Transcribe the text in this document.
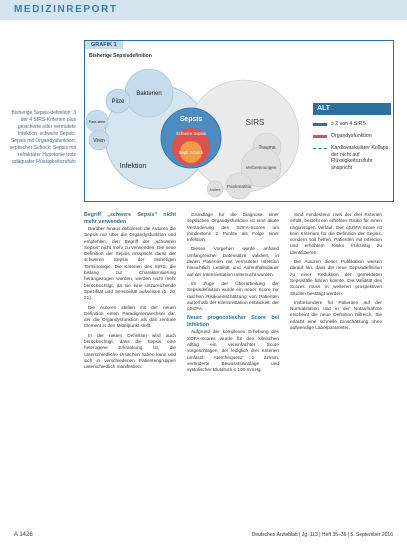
MEDIZINREPORT
Bisherige Sepsis-definition: 3 der 4 SIRS-Kriterien plus gesicherte oder vermutete Infektion; schwere Sepsis: Sepsis mit Organdysfunktion; septischer Schock: Sepsis mit refraktärer Hypotonie trotz adäquater Flüssigkeitszufuhr
Bakterien
Pilze
Para-siten
Viren
Infektion
Sepsis
Schwere Sepsis
Sept. Schock
SIRS
Trauma
Verbrennungen
Pankreatitis
Andere
GRAFIK 1
Bisherige Sepsisdefinition
ALT
≥ 2 von 4 SIRS
Organdysfunktion
Kardiovaskulärer Kollaps, der nicht auf Flüssigkeitszufuhr anspricht
Begriff „schwere Sepsis“ nicht mehr verwenden

Darüber hinaus definieren die Autoren die Sepsis nur über die Organdysfunktion und empfehlen, den Begriff der „schweren Sepsis“ nicht mehr zu verwenden. Die neue Definition der Sepsis entspricht damit der schweren Sepsis der bisherigen Terminologie. Die Kriterien des SIRS, die bislang zur Charakterisierung herangezogen wurden, werden nicht mehr berücksichtigt, da sie eine unzureichende Spezifität und Sensitivität aufweisen (5, 20, 21).

Die Autoren stellen mit der neuen Definition einen Paradigmenwechsel dar, der die Organdysfunktion als das zentrale Element in den Mittelpunkt stellt.

In der neuen Definition wird auch berücksichtigt, dass die Sepsis eine heterogene Erkrankung ist, die unterschiedliche Ursachen haben kann und sich in verschiedenen Patientengruppen unterschiedlich manifestiert.

Grundlage für die Diagnose einer septischen Organdysfunktion ist eine akute Veränderung des SOFA-Scores um mindestens 2 Punkte als Folge einer Infektion.

Dieses Vorgehen wurde anhand umfangreicher Datensätze validiert, in denen Patienten mit vermuteter Infektion hinsichtlich Letalität und Aufenthaltsdauer auf der Intensivstation untersucht wurden.

Im Zuge der Überarbeitung der Sepsisdefinition wurde ein neuer Score zur raschen Risikoeinschätzung von Patienten außerhalb der Intensivstation entwickelt: der qSOFA.

Neuer prognostischer Score bei Infektion

Aufgrund der komplexen Erhebung des SOFA-Scores wurde für den klinischen Alltag ein vereinfachter Score vorgeschlagen, der lediglich drei Kriterien umfasst: Atemfrequenz ≥ 22/min, veränderte Bewusstseinslage und systolischer Blutdruck ≤ 100 mmHg.

Sind mindestens zwei der drei Kriterien erfüllt, besteht ein erhöhtes Risiko für einen ungünstigen Verlauf. Der qSOFA-Score ist kein Kriterium für die Definition der Sepsis, sondern soll helfen, Patienten mit Infektion und erhöhtem Risiko frühzeitig zu identifizieren.

Die Autoren dieser Publikation weisen darauf hin, dass die neue Sepsisdefinition zu einer Reduktion der gemeldeten Sepsisfälle führen könnte. Die Validität des Scores muss in weiteren prospektiven Studien bestätigt werden.

Insbesondere für Patienten auf der Normalstation und in der Notaufnahme erscheint die neue Definition hilfreich. Sie erlaubt eine schnelle Einschätzung ohne aufwendige Laborparameter.

A 1426	Deutsches Ärzteblatt | Jg. 113 | Heft 35–36 | 5. September 2016
